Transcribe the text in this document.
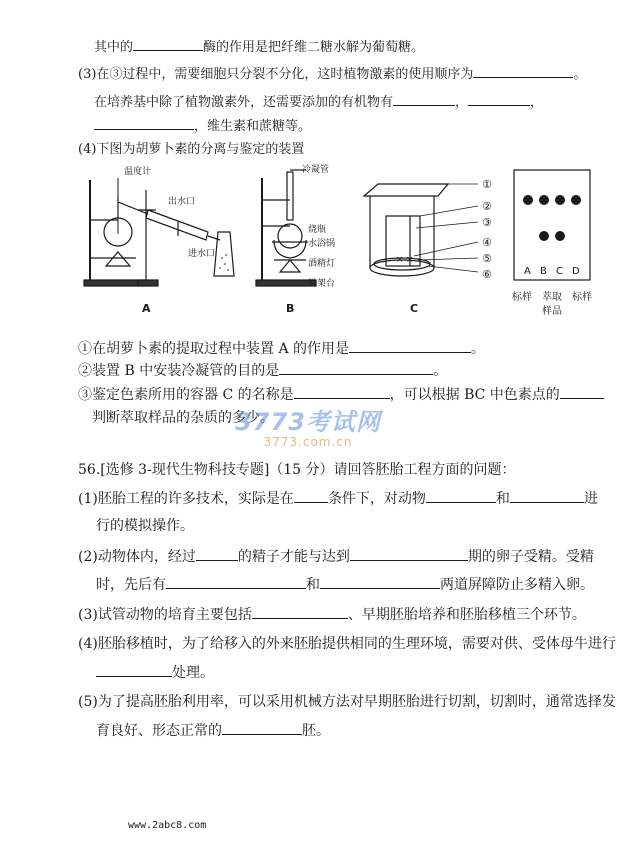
其中的	酶的作用是把纤维二糖水解为葡萄糖。
(3)在③过程中，需要细胞只分裂不分化，这时植物激素的使用顺序为	。
在培养基中除了植物激素外，还需要添加的有机物有	，	，
，维生素和蔗糖等。
(4)下图为胡萝卜素的分离与鉴定的装置
× ×
温度计
出水口
进水口
A
冷凝管
烧瓶
水浴锅
酒精灯
铁架台
B	C
①
②
③
④
⑤
⑥	A B C D
标样 萃取
样品
标样
①在胡萝卜素的提取过程中装置 A 的作用是	。
②装置 B 中安装冷凝管的目的是	。
③鉴定色素所用的容器 C 的名称是	，可以根据 BC 中色素点的
判断萃取样品的杂质的多少。
3773考试网
3773.com.cn
56.[选修 3-现代生物科技专题]（15 分）请回答胚胎工程方面的问题：
(1)胚胎工程的许多技术，实际是在 条件下，对动物	和	进
行的模拟操作。
(2)动物体内，经过	的精子才能与达到	期的卵子受精。受精
时，先后有	和	两道屏障防止多精入卵。
(3)试管动物的培育主要包括	、早期胚胎培养和胚胎移植三个环节。
(4)胚胎移植时，为了给移入的外来胚胎提供相同的生理环境，需要对供、受体母牛进行
处理。
(5)为了提高胚胎利用率，可以采用机械方法对早期胚胎进行切割，切割时，通常选择发
育良好、形态正常的	胚。
www.2abc8.com
